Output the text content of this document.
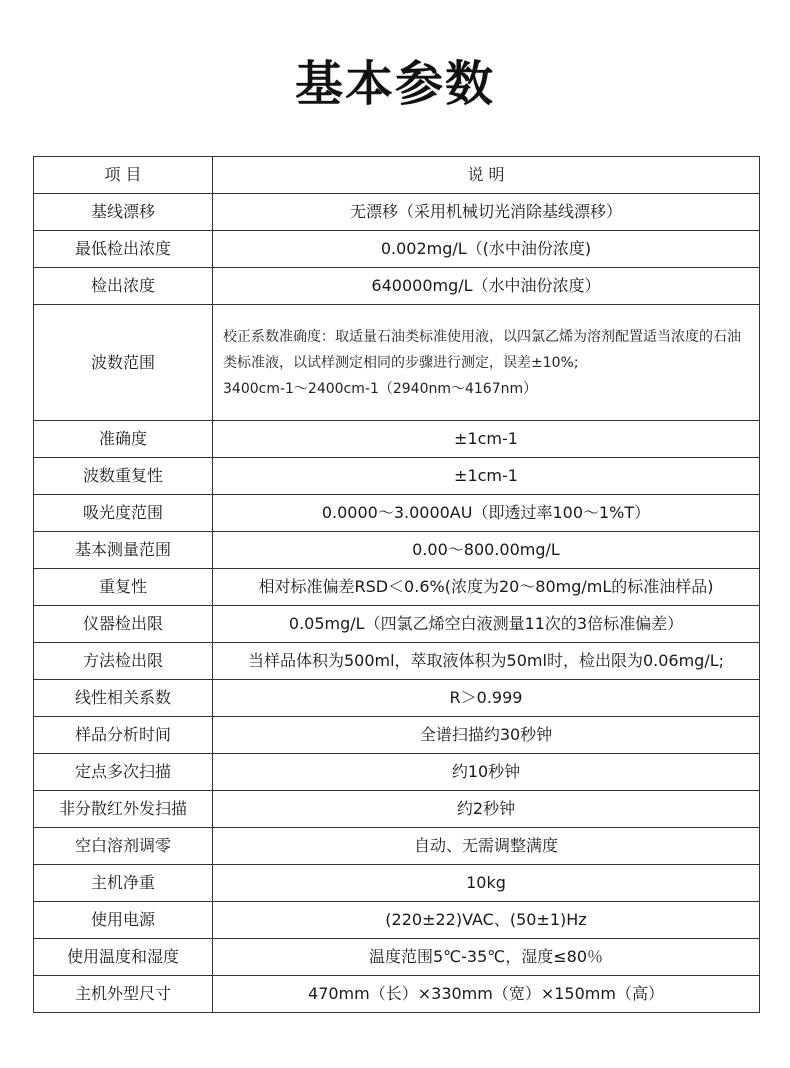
基本参数
项 目	说 明
基线漂移	无漂移（采用机械切光消除基线漂移）
最低检出浓度	0.002mg/L（(水中油份浓度)
检出浓度	640000mg/L（水中油份浓度）
波数范围	校正系数准确度：取适量石油类标准使用液，以四氯乙烯为溶剂配置适当浓度的石油类标准液，以试样测定相同的步骤进行测定，误差±10%;
3400cm-1～2400cm-1（2940nm～4167nm）
准确度	±1cm-1
波数重复性	±1cm-1
吸光度范围	0.0000～3.0000AU（即透过率100～1%T）
基本测量范围	0.00～800.00mg/L
重复性	相对标准偏差RSD＜0.6%(浓度为20～80mg/mL的标准油样品)
仪器检出限	0.05mg/L（四氯乙烯空白液测量11次的3倍标准偏差）
方法检出限	当样品体积为500ml，萃取液体积为50ml时，检出限为0.06mg/L;
线性相关系数	R＞0.999
样品分析时间	全谱扫描约30秒钟
定点多次扫描	约10秒钟
非分散红外发扫描	约2秒钟
空白溶剂调零	自动、无需调整满度
主机净重	10kg
使用电源	(220±22)VAC、(50±1)Hz
使用温度和湿度	温度范围5℃-35℃，湿度≤80％
主机外型尺寸	470mm（长）×330mm（宽）×150mm（高）
